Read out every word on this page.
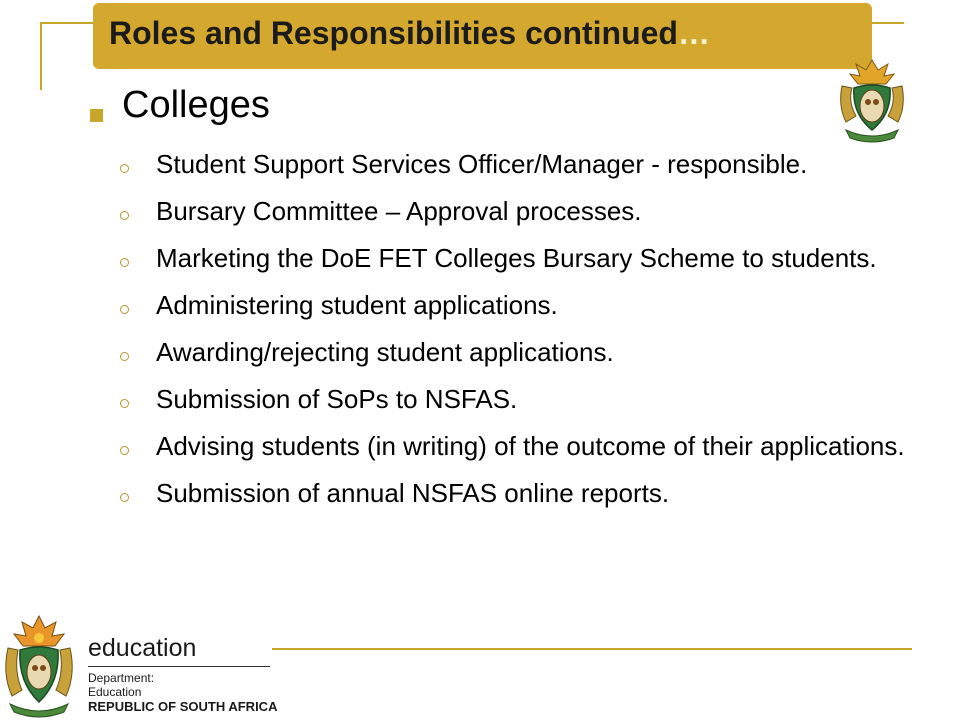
Roles and Responsibilities continued…
Colleges
Student Support Services Officer/Manager - responsible.
Bursary Committee – Approval processes.
Marketing the DoE FET Colleges Bursary Scheme to students.
Administering student applications.
Awarding/rejecting student applications.
Submission of SoPs to NSFAS.
Advising students (in writing) of the outcome of their applications.
Submission of annual NSFAS online reports.
education
Department:
Education
REPUBLIC OF SOUTH AFRICA
